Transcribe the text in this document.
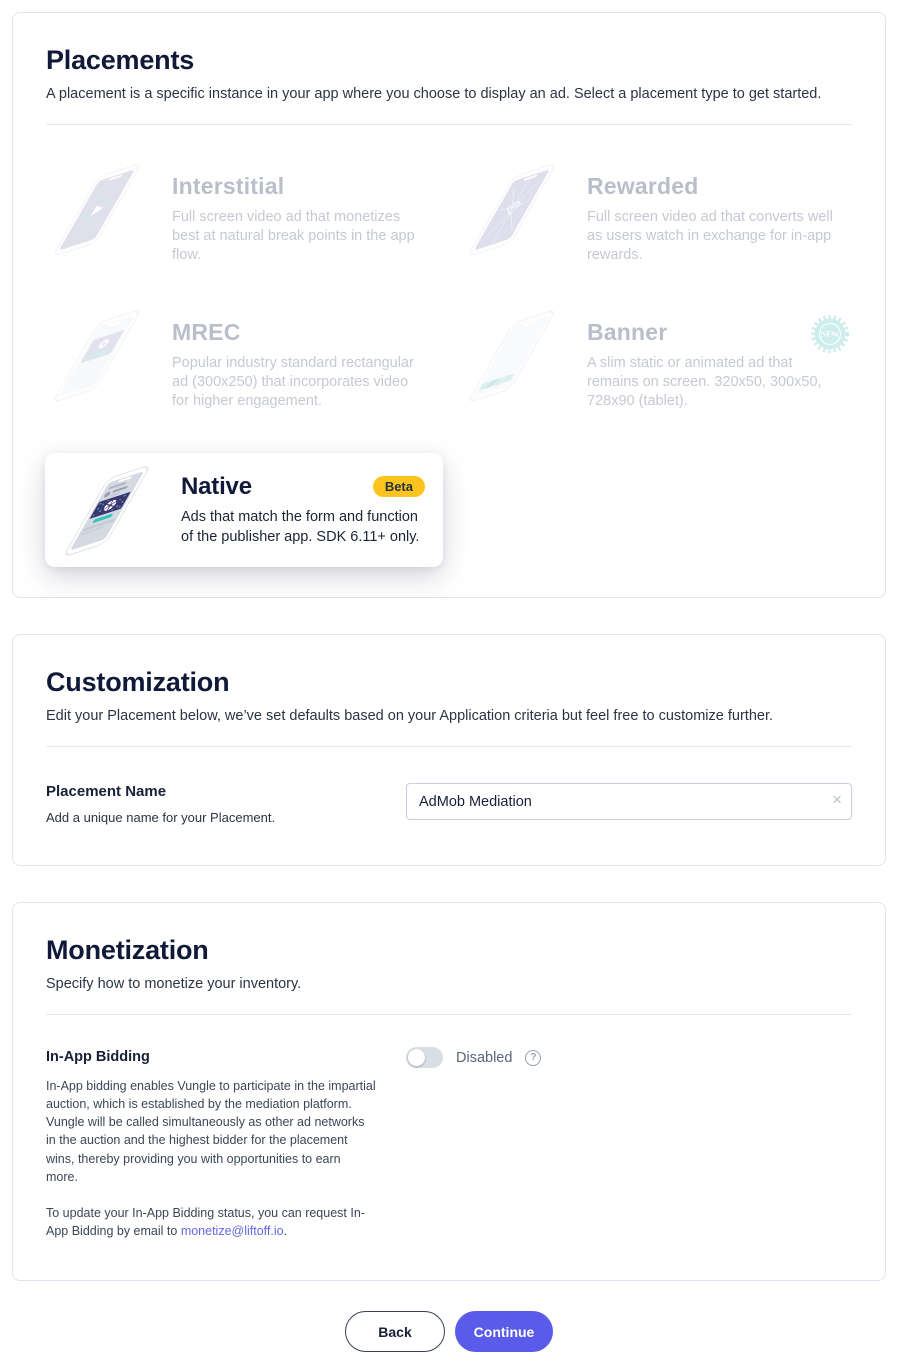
Placements

A placement is a specific instance in your app where you choose to display an ad. Select a placement type to get started.

Interstitial
Full screen video ad that monetizes best at natural break points in the app flow.
Rewarded
Full screen video ad that converts well as users watch in exchange for in-app rewards.
MREC
Popular industry standard rectangular ad (300x250) that incorporates video for higher engagement.
Banner	NEW
A slim static or animated ad that remains on screen. 320x50, 300x50, 728x90 (tablet).
Native	Beta
Ads that match the form and function of the publisher app. SDK 6.11+ only.
Customization

Edit your Placement below, we’ve set defaults based on your Application criteria but feel free to customize further.

Placement Name
Add a unique name for your Placement.
AdMob Mediation
×
Monetization

Specify how to monetize your inventory.

In-App Bidding

In-App bidding enables Vungle to participate in the impartial auction, which is established by the mediation platform. Vungle will be called simultaneously as other ad networks in the auction and the highest bidder for the placement wins, thereby providing you with opportunities to earn more.

To update your In-App Bidding status, you can request In-App Bidding by email to monetize@liftoff.io.

Disabled	?
Back	Continue
